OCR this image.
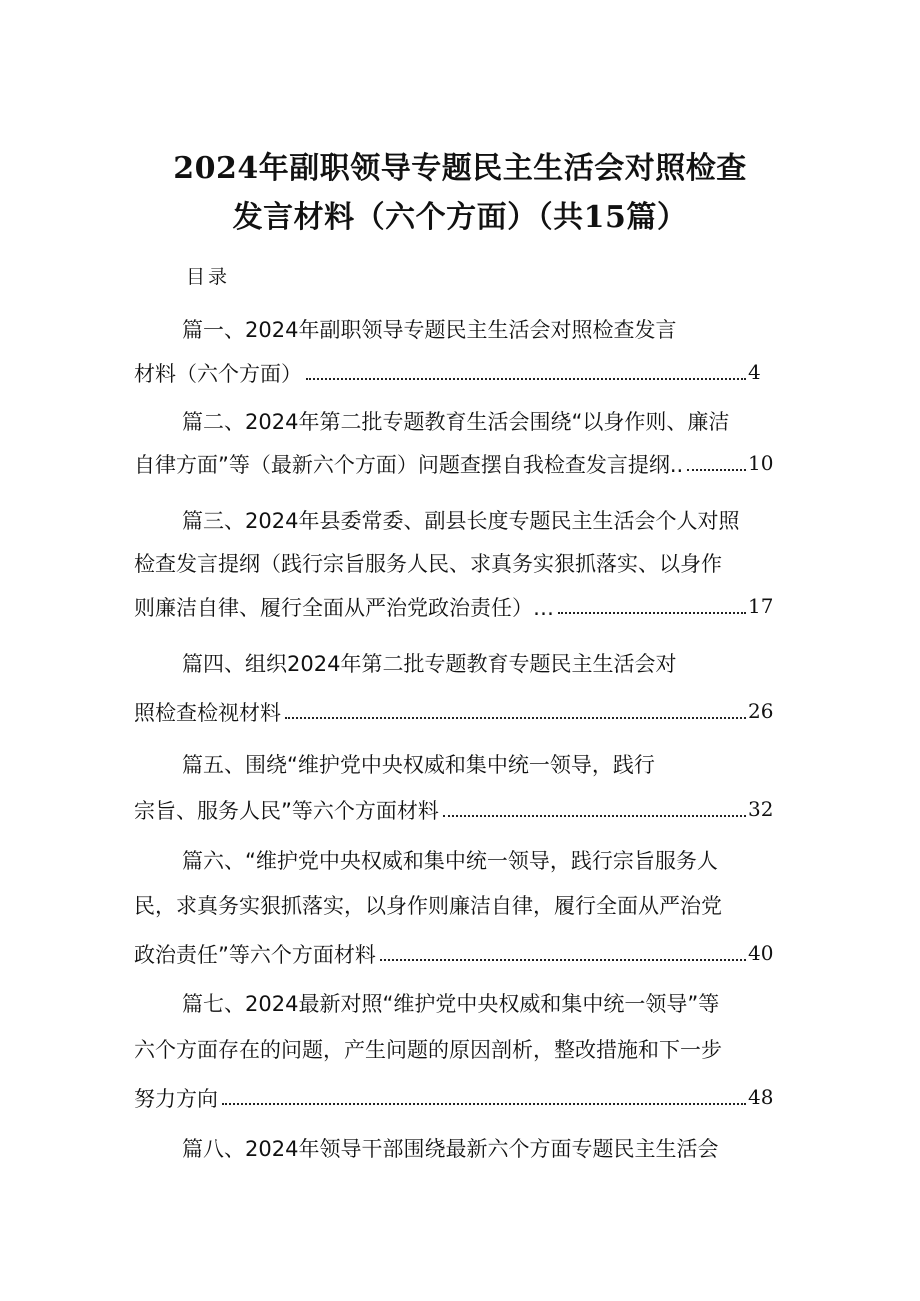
2024年副职领导专题民主生活会对照检查
发言材料（六个方面）（共15篇）
目录
篇一、2024年副职领导专题民主生活会对照检查发言
材料（六个方面）	4
篇二、2024年第二批专题教育生活会围绕“以身作则、廉洁
自律方面”等（最新六个方面）问题查摆自我检查发言提纲..	10
篇三、2024年县委常委、副县长度专题民主生活会个人对照
检查发言提纲（践行宗旨服务人民、求真务实狠抓落实、以身作
则廉洁自律、履行全面从严治党政治责任）…	17
篇四、组织2024年第二批专题教育专题民主生活会对
照检查检视材料	26
篇五、围绕“维护党中央权威和集中统一领导，践行
宗旨、服务人民”等六个方面材料	32
篇六、“维护党中央权威和集中统一领导，践行宗旨服务人
民，求真务实狠抓落实，以身作则廉洁自律，履行全面从严治党
政治责任”等六个方面材料	40
篇七、2024最新对照“维护党中央权威和集中统一领导”等
六个方面存在的问题，产生问题的原因剖析，整改措施和下一步
努力方向	48
篇八、2024年领导干部围绕最新六个方面专题民主生活会
